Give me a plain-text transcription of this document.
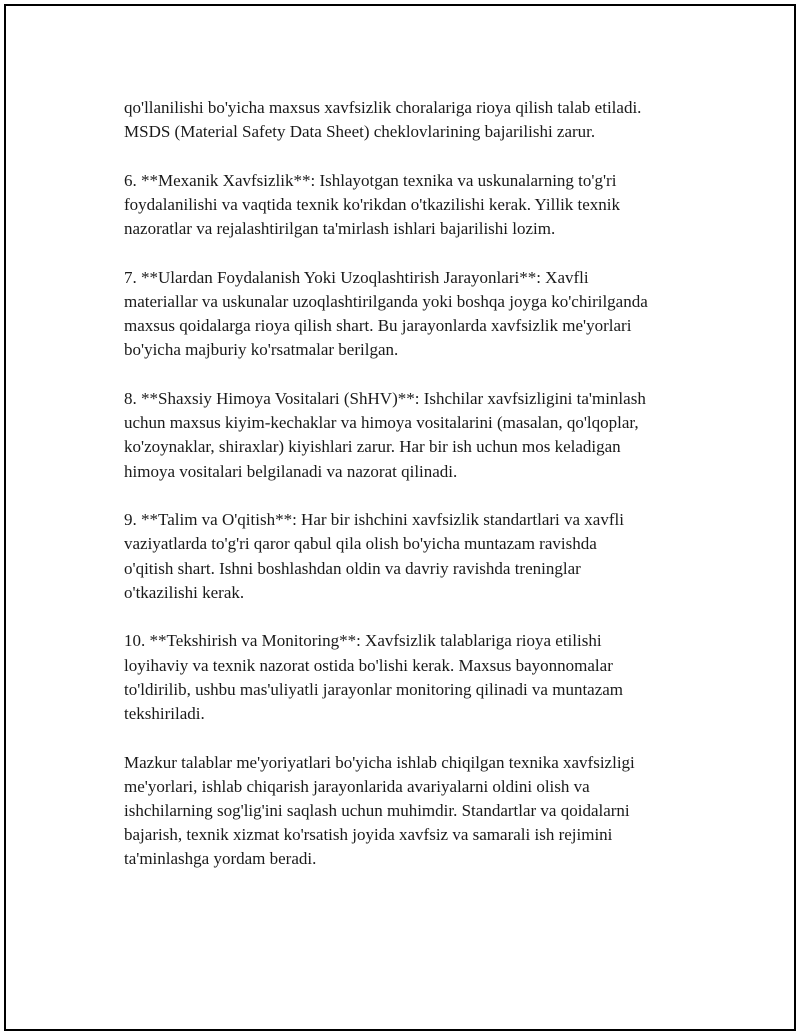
qo'llanilishi bo'yicha maxsus xavfsizlik choralariga rioya qilish talab etiladi.
MSDS (Material Safety Data Sheet) cheklovlarining bajarilishi zarur.

6. **Mexanik Xavfsizlik**: Ishlayotgan texnika va uskunalarning to'g'ri
foydalanilishi va vaqtida texnik ko'rikdan o'tkazilishi kerak. Yillik texnik
nazoratlar va rejalashtirilgan ta'mirlash ishlari bajarilishi lozim.

7. **Ulardan Foydalanish Yoki Uzoqlashtirish Jarayonlari**: Xavfli
materiallar va uskunalar uzoqlashtirilganda yoki boshqa joyga ko'chirilganda
maxsus qoidalarga rioya qilish shart. Bu jarayonlarda xavfsizlik me'yorlari
bo'yicha majburiy ko'rsatmalar berilgan.

8. **Shaxsiy Himoya Vositalari (ShHV)**: Ishchilar xavfsizligini ta'minlash
uchun maxsus kiyim-kechaklar va himoya vositalarini (masalan, qo'lqoplar,
ko'zoynaklar, shiraxlar) kiyishlari zarur. Har bir ish uchun mos keladigan
himoya vositalari belgilanadi va nazorat qilinadi.

9. **Talim va O'qitish**: Har bir ishchini xavfsizlik standartlari va xavfli
vaziyatlarda to'g'ri qaror qabul qila olish bo'yicha muntazam ravishda
o'qitish shart. Ishni boshlashdan oldin va davriy ravishda treninglar
o'tkazilishi kerak.

10. **Tekshirish va Monitoring**: Xavfsizlik talablariga rioya etilishi
loyihaviy va texnik nazorat ostida bo'lishi kerak. Maxsus bayonnomalar
to'ldirilib, ushbu mas'uliyatli jarayonlar monitoring qilinadi va muntazam
tekshiriladi.

Mazkur talablar me'yoriyatlari bo'yicha ishlab chiqilgan texnika xavfsizligi
me'yorlari, ishlab chiqarish jarayonlarida avariyalarni oldini olish va
ishchilarning sog'lig'ini saqlash uchun muhimdir. Standartlar va qoidalarni
bajarish, texnik xizmat ko'rsatish joyida xavfsiz va samarali ish rejimini
ta'minlashga yordam beradi.
